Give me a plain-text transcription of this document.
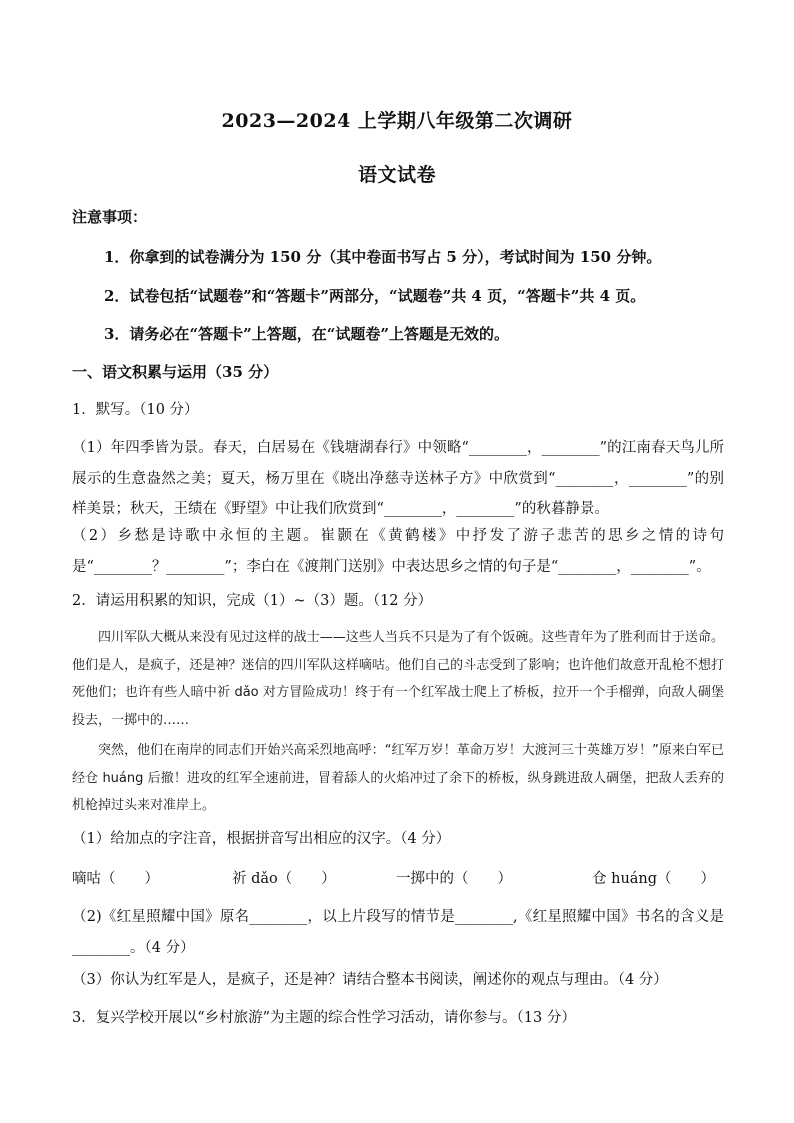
2023—2024 上学期八年级第二次调研
语文试卷
注意事项：
1．你拿到的试卷满分为 150 分（其中卷面书写占 5 分），考试时间为 150 分钟。
2．试卷包括“试题卷”和“答题卡”两部分，“试题卷”共 4 页，“答题卡”共 4 页。
3．请务必在“答题卡”上答题，在“试题卷”上答题是无效的。
一、语文积累与运用（35 分）
1．默写。（10 分）
（1）年四季皆为景。春天，白居易在《钱塘湖春行》中领略“________，________”的江南春天鸟儿所展示的生意盎然之美；夏天，杨万里在《晓出净慈寺送林子方》中欣赏到“________，________”的别样美景；秋天，王绩在《野望》中让我们欣赏到“________，________”的秋暮静景。
（2）乡愁是诗歌中永恒的主题。崔颢在《黄鹤楼》中抒发了游子悲苦的思乡之情的诗句是“________？________”；李白在《渡荆门送别》中表达思乡之情的句子是“________，________”。
2．请运用积累的知识，完成（1）~（3）题。（12 分）
四川军队大概从来没有见过这样的战士——这些人当兵不只是为了有个饭碗。这些青年为了胜利而甘于送命。他们是人，是疯子，还是神？迷信的四川军队这样嘀咕。他们自己的斗志受到了影响；也许他们故意开乱枪不想打死他们；也许有些人暗中祈 dǎo 对方冒险成功！终于有一个红军战士爬上了桥板，拉开一个手榴弹，向敌人碉堡投去，一掷中的……
突然，他们在南岸的同志们开始兴高采烈地高呼：“红军万岁！革命万岁！大渡河三十英雄万岁！”原来白军已经仓 huáng 后撤！进攻的红军全速前进，冒着舔人的火焰冲过了余下的桥板，纵身跳进敌人碉堡，把敌人丢弃的机枪掉过头来对准岸上。
（1）给加点的字注音，根据拼音写出相应的汉字。（4 分）
嘀咕（　　）	祈 dǎo（　　）	一掷中的（　　）	仓 huáng（　　）
（2)《红星照耀中国》原名________，以上片段写的情节是________,《红星照耀中国》书名的含义是________。（4 分）
（3）你认为红军是人，是疯子，还是神？请结合整本书阅读，阐述你的观点与理由。（4 分）
3．复兴学校开展以“乡村旅游”为主题的综合性学习活动，请你参与。（13 分）
